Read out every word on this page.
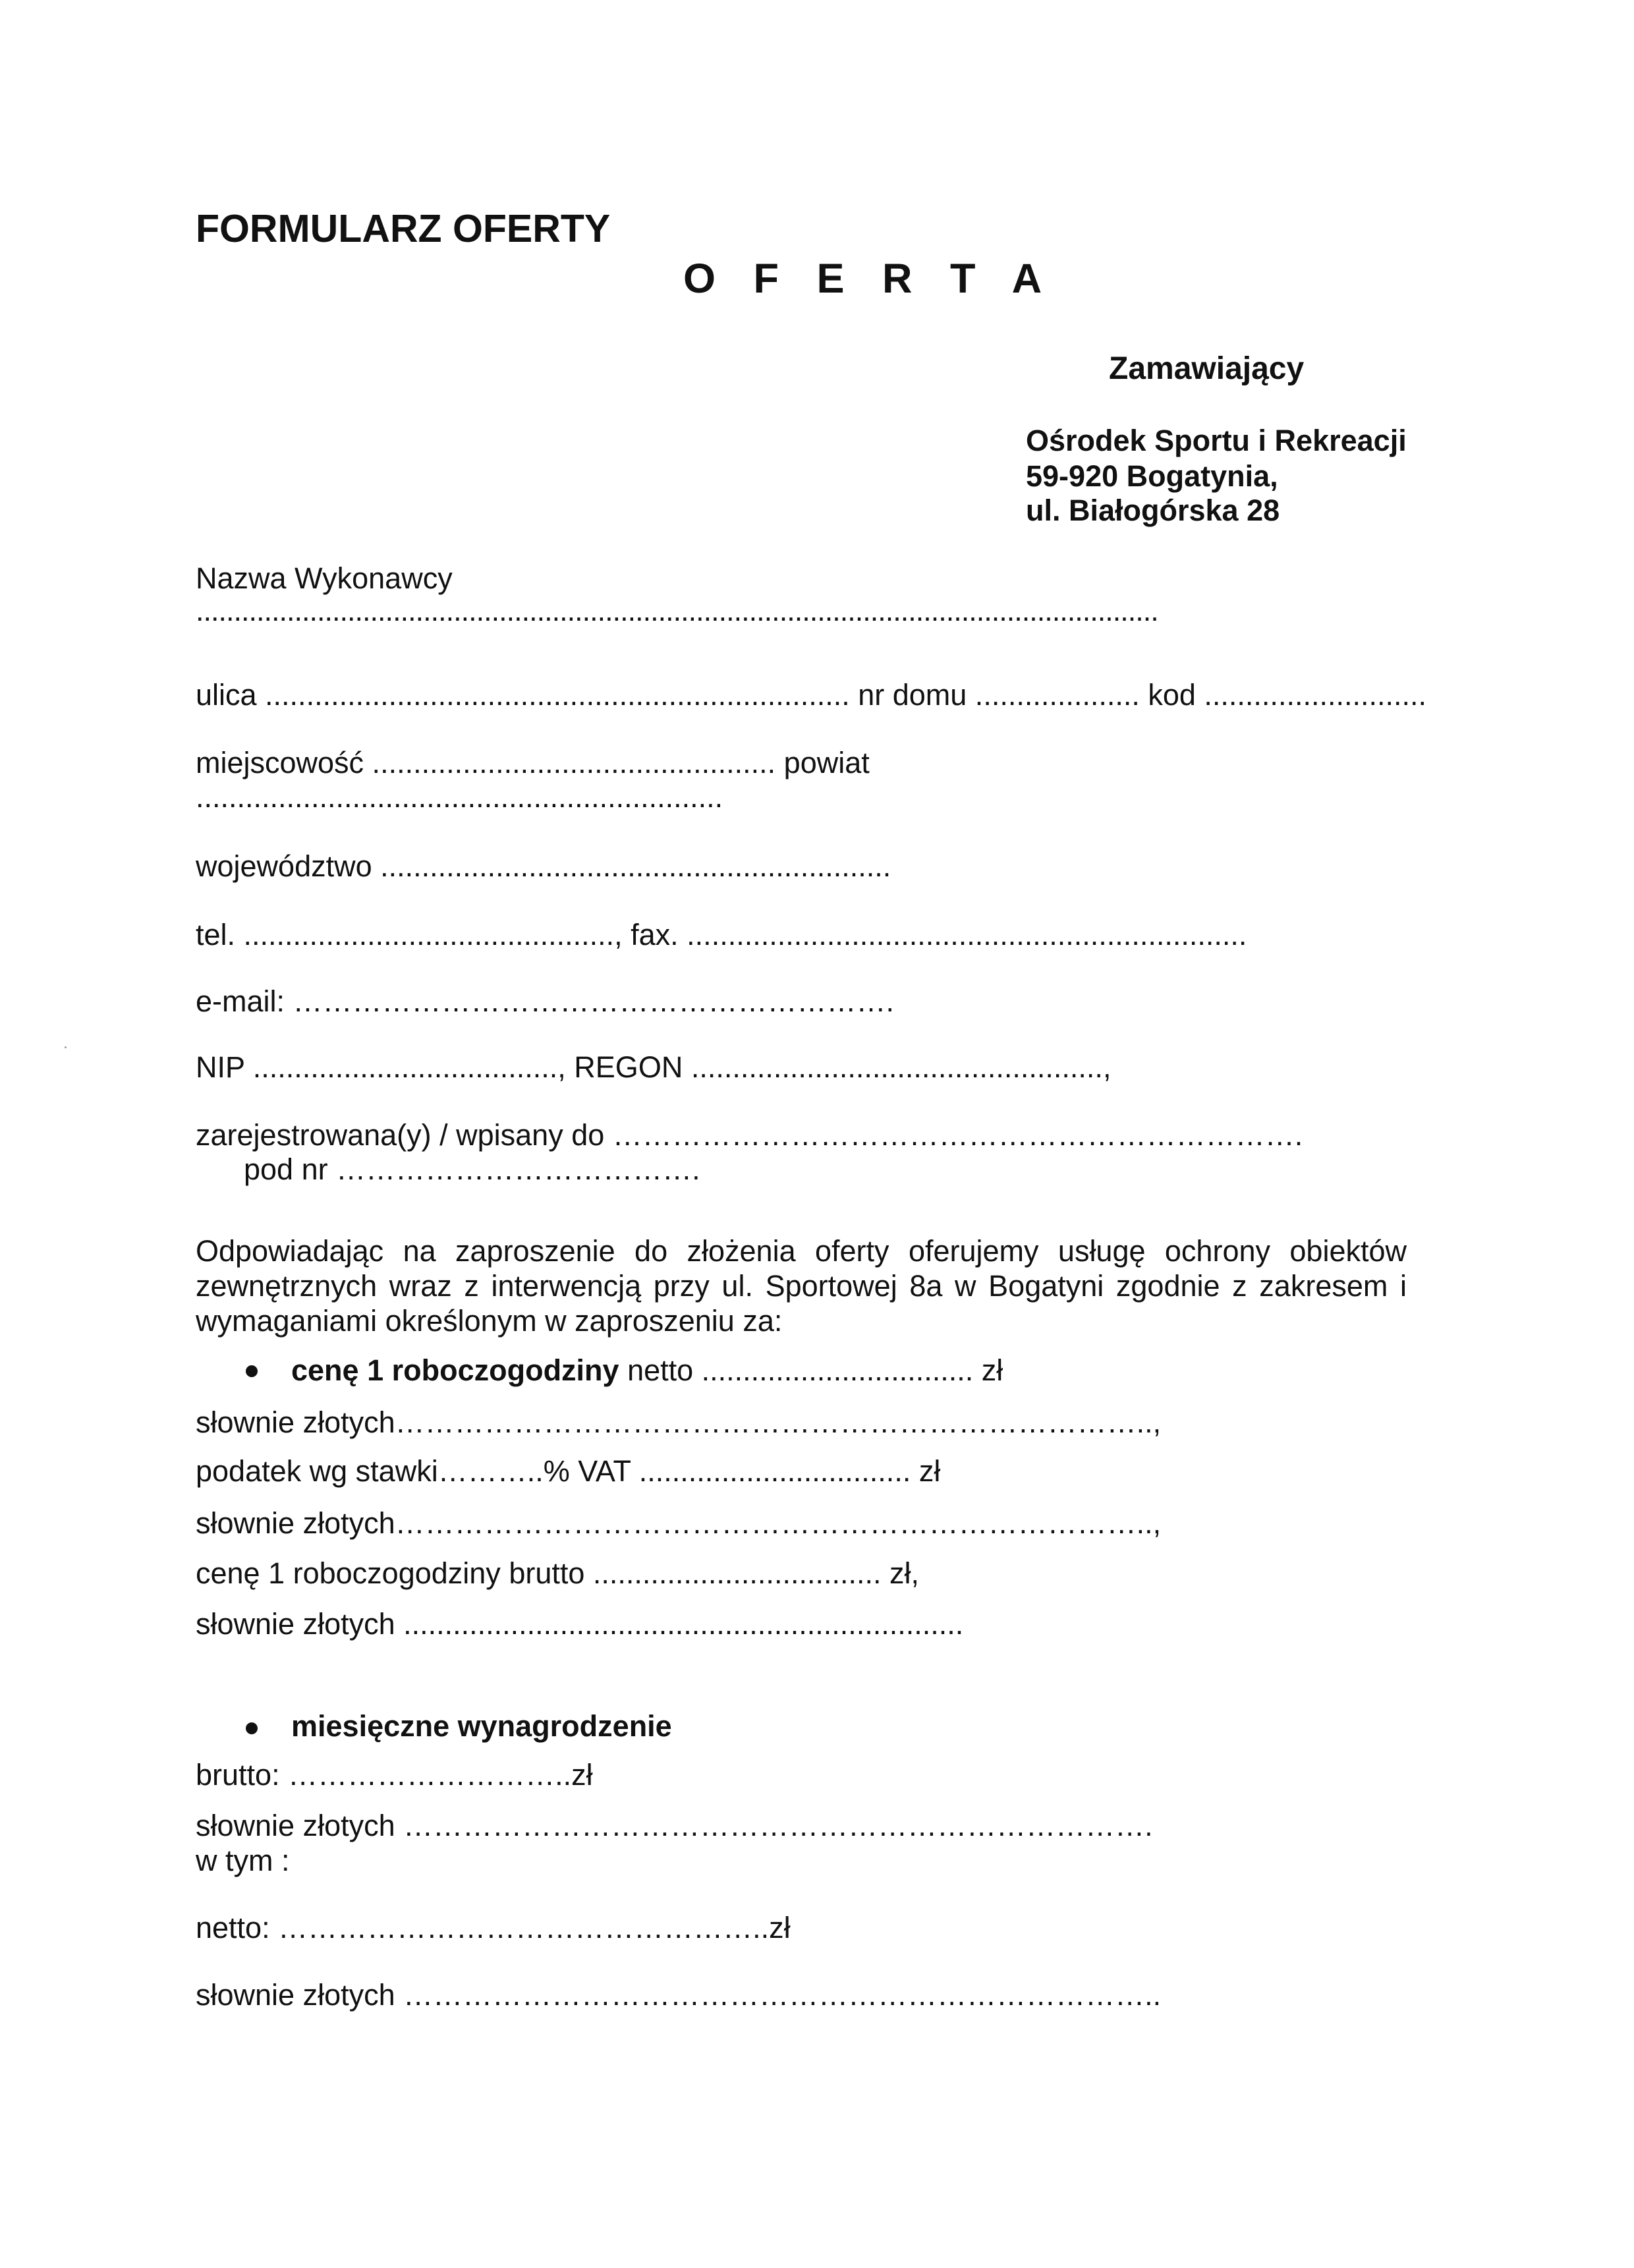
FORMULARZ OFERTY
O F E R T A
Zamawiający
Ośrodek Sportu i Rekreacji
59-920 Bogatynia,
ul. Białogórska 28
Nazwa Wykonawcy
...............................................................................................................................
ulica ....................................................................... nr domu .................... kod ...........................
miejscowość ................................................. powiat
................................................................
województwo ..............................................................
tel. ............................................., fax. ....................................................................
e-mail: …………………………………………………….
NIP ....................................., REGON ..................................................,
zarejestrowana(y) / wpisany do …………………………………………………………….
pod nr ……………………………….
Odpowiadając na zaproszenie do złożenia oferty oferujemy usługę ochrony obiektów zewnętrznych wraz z interwencją przy ul. Sportowej 8a w Bogatyni zgodnie z zakresem i wymaganiami określonym w zaproszeniu za:
cenę 1 roboczogodziny netto ................................. zł
słownie złotych…………………………………………………………………..,
podatek wg stawki………..% VAT ................................. zł
słownie złotych…………………………………………………………………..,
cenę 1 roboczogodziny brutto ................................... zł,
słownie złotych ....................................................................
miesięczne wynagrodzenie
brutto: ………………………..zł
słownie złotych ………………………………………………………………….
w tym :
netto: …………………………………………..zł
słownie złotych …………………………………………………………………..
